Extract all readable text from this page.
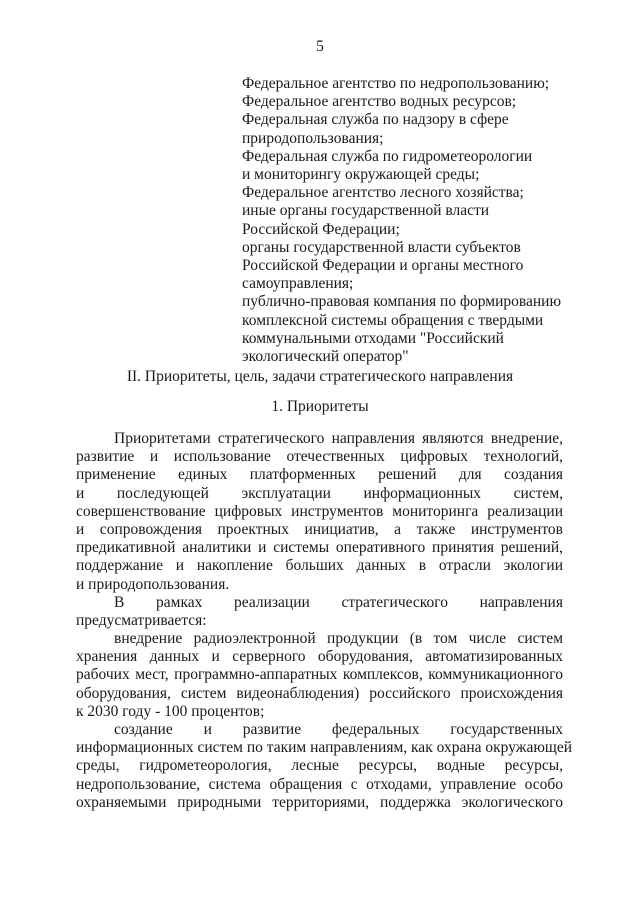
5
Федеральное агентство по недропользованию;
Федеральное агентство водных ресурсов;
Федеральная служба по надзору в сфере
природопользования;
Федеральная служба по гидрометеорологии
и мониторингу окружающей среды;
Федеральное агентство лесного хозяйства;
иные органы государственной власти
Российской Федерации;
органы государственной власти субъектов
Российской Федерации и органы местного
самоуправления;
публично-правовая компания по формированию
комплексной системы обращения с твердыми
коммунальными отходами "Российский
экологический оператор"
II. Приоритеты, цель, задачи стратегического направления
1. Приоритеты
Приоритетами стратегического направления являются внедрение,
развитие и использование отечественных цифровых технологий,
применение единых платформенных решений для создания
и последующей эксплуатации информационных систем,
совершенствование цифровых инструментов мониторинга реализации
и сопровождения проектных инициатив, а также инструментов
предикативной аналитики и системы оперативного принятия решений,
поддержание и накопление больших данных в отрасли экологии
и природопользования.
В рамках реализации стратегического направления
предусматривается:
внедрение радиоэлектронной продукции (в том числе систем
хранения данных и серверного оборудования, автоматизированных
рабочих мест, программно-аппаратных комплексов, коммуникационного
оборудования, систем видеонаблюдения) российского происхождения
к 2030 году - 100 процентов;
создание и развитие федеральных государственных
информационных систем по таким направлениям, как охрана окружающей
среды, гидрометеорология, лесные ресурсы, водные ресурсы,
недропользование, система обращения с отходами, управление особо
охраняемыми природными территориями, поддержка экологического
